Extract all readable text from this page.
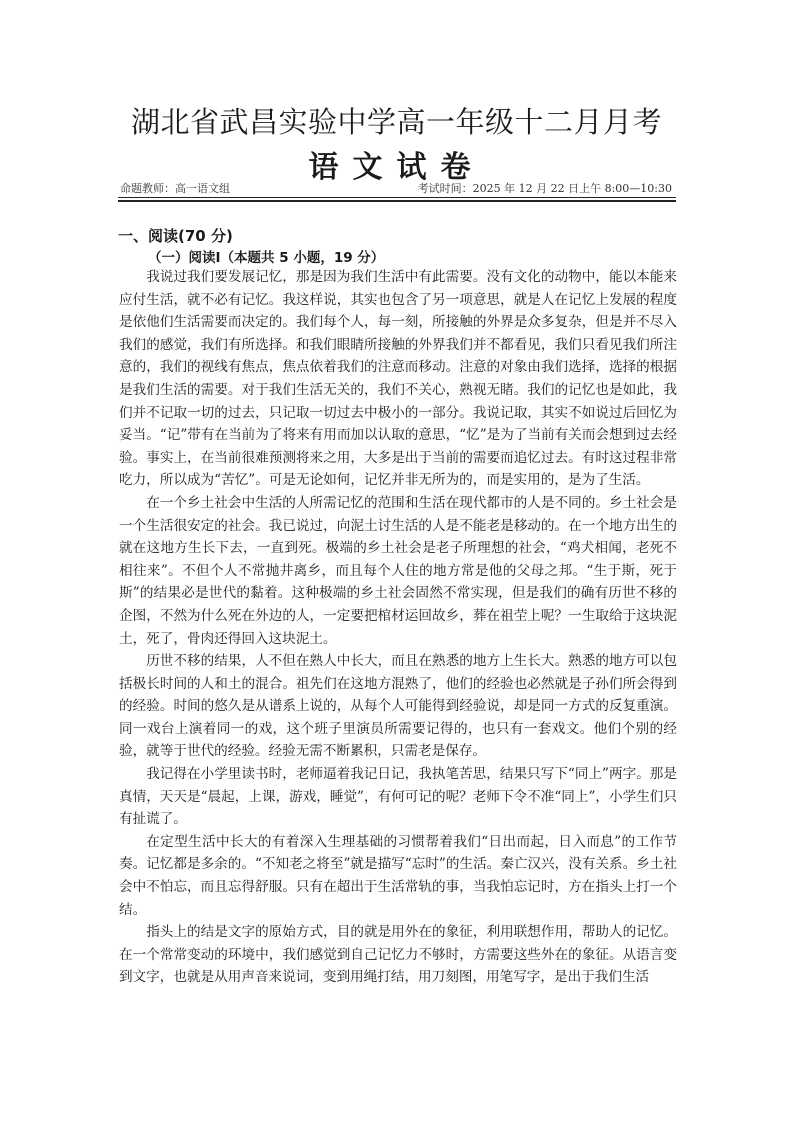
湖北省武昌实验中学高一年级十二月月考
语文试卷
命题教师：高一语文组	考试时间：2025 年 12 月 22 日上午 8:00—10:30
一、阅读(70 分)
（一）阅读Ⅰ（本题共 5 小题，19 分）

我说过我们要发展记忆，那是因为我们生活中有此需要。没有文化的动物中，能以本能来应付生活，就不必有记忆。我这样说，其实也包含了另一项意思，就是人在记忆上发展的程度是依他们生活需要而决定的。我们每个人，每一刻，所接触的外界是众多复杂，但是并不尽入我们的感觉，我们有所选择。和我们眼睛所接触的外界我们并不都看见，我们只看见我们所注意的，我们的视线有焦点，焦点依着我们的注意而移动。注意的对象由我们选择，选择的根据是我们生活的需要。对于我们生活无关的，我们不关心，熟视无睹。我们的记忆也是如此，我们并不记取一切的过去，只记取一切过去中极小的一部分。我说记取，其实不如说过后回忆为妥当。“记”带有在当前为了将来有用而加以认取的意思，“忆”是为了当前有关而会想到过去经验。事实上，在当前很难预测将来之用，大多是出于当前的需要而追忆过去。有时这过程非常吃力，所以成为“苦忆”。可是无论如何，记忆并非无所为的，而是实用的，是为了生活。

在一个乡土社会中生活的人所需记忆的范围和生活在现代都市的人是不同的。乡土社会是一个生活很安定的社会。我已说过，向泥土讨生活的人是不能老是移动的。在一个地方出生的就在这地方生长下去，一直到死。极端的乡土社会是老子所理想的社会，“鸡犬相闻，老死不相往来”。不但个人不常抛井离乡，而且每个人住的地方常是他的父母之邦。“生于斯，死于斯”的结果必是世代的黏着。这种极端的乡土社会固然不常实现，但是我们的确有历世不移的企图，不然为什么死在外边的人，一定要把棺材运回故乡，葬在祖茔上呢？一生取给于这块泥土，死了，骨肉还得回入这块泥土。

历世不移的结果，人不但在熟人中长大，而且在熟悉的地方上生长大。熟悉的地方可以包括极长时间的人和土的混合。祖先们在这地方混熟了，他们的经验也必然就是子孙们所会得到的经验。时间的悠久是从谱系上说的，从每个人可能得到经验说，却是同一方式的反复重演。同一戏台上演着同一的戏，这个班子里演员所需要记得的，也只有一套戏文。他们个别的经验，就等于世代的经验。经验无需不断累积，只需老是保存。

我记得在小学里读书时，老师逼着我记日记，我执笔苦思，结果只写下“同上”两字。那是真情，天天是“晨起，上课，游戏，睡觉”，有何可记的呢？老师下令不准“同上”，小学生们只有扯谎了。

在定型生活中长大的有着深入生理基础的习惯帮着我们“日出而起，日入而息”的工作节奏。记忆都是多余的。“不知老之将至”就是描写“忘时”的生活。秦亡汉兴，没有关系。乡土社会中不怕忘，而且忘得舒服。只有在超出于生活常轨的事，当我怕忘记时，方在指头上打一个结。

指头上的结是文字的原始方式，目的就是用外在的象征，利用联想作用，帮助人的记忆。在一个常常变动的环境中，我们感觉到自己记忆力不够时，方需要这些外在的象征。从语言变到文字，也就是从用声音来说词，变到用绳打结，用刀刻图，用笔写字，是出于我们生活
